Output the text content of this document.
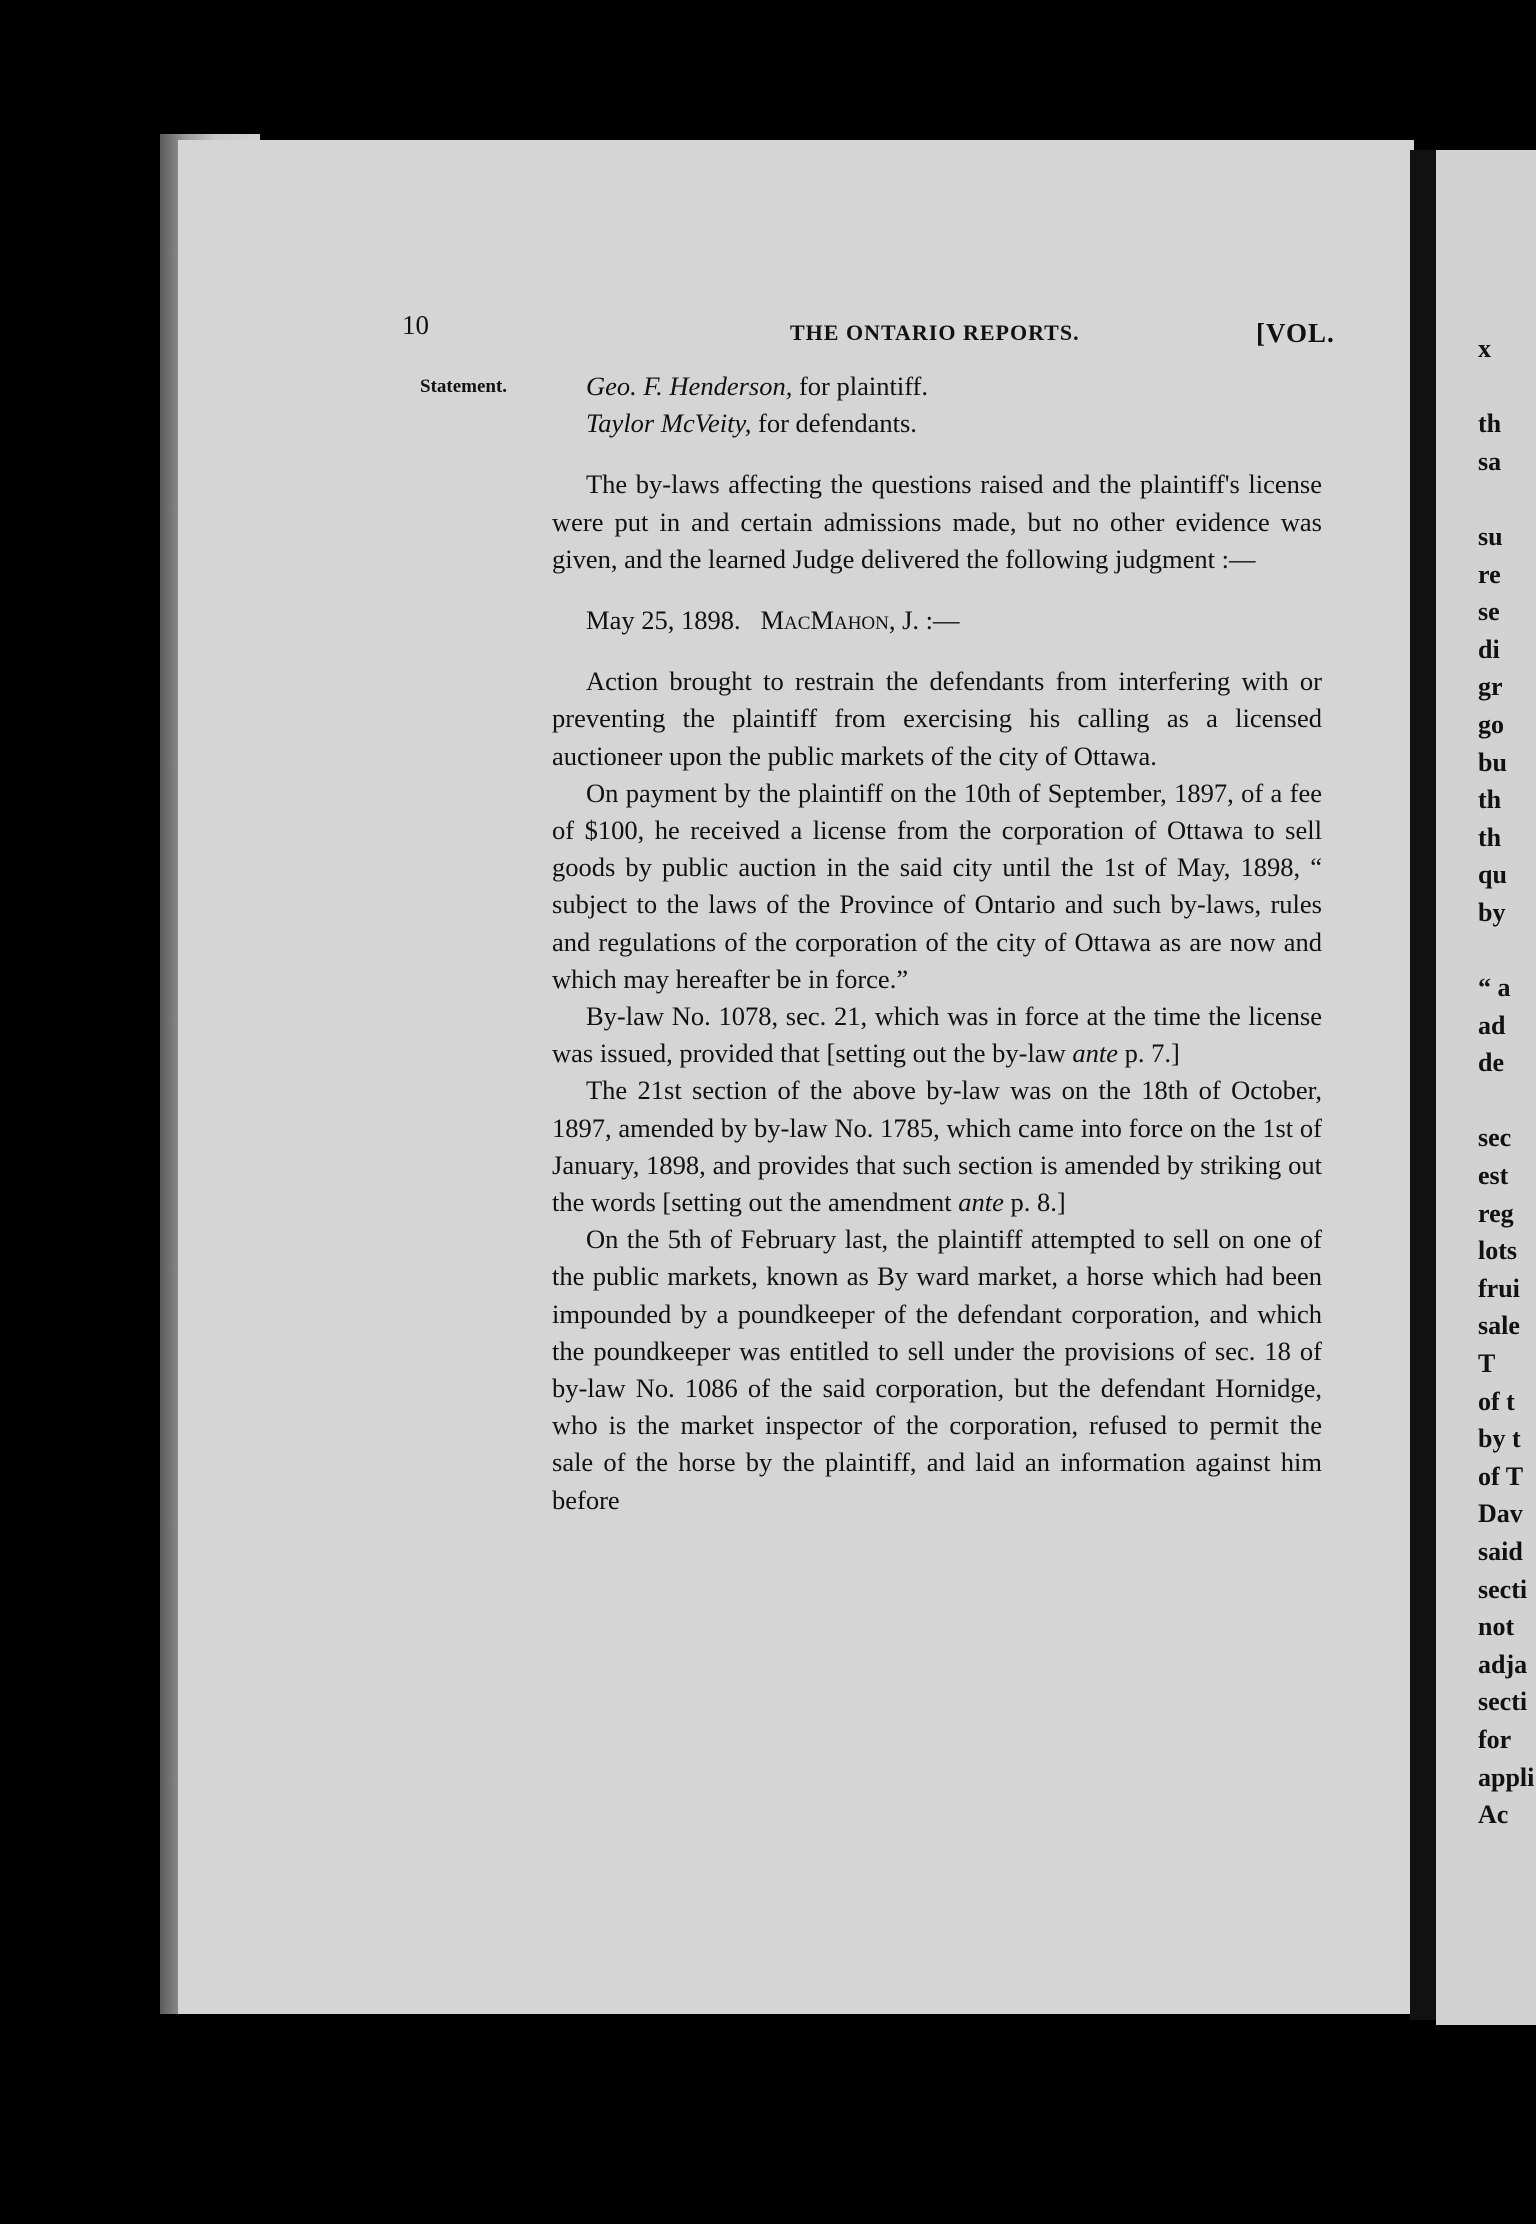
10	THE ONTARIO REPORTS.	[VOL.
Statement.	Geo. F. Henderson, for plaintiff.
Taylor McVeity, for defendants.

The by-laws affecting the questions raised and the plaintiff's license were put in and certain admissions made, but no other evidence was given, and the learned Judge delivered the following judgment :—

May 25, 1898. MacMahon, J. :—

Action brought to restrain the defendants from interfering with or preventing the plaintiff from exercising his calling as a licensed auctioneer upon the public markets of the city of Ottawa.

On payment by the plaintiff on the 10th of September, 1897, of a fee of $100, he received a license from the corporation of Ottawa to sell goods by public auction in the said city until the 1st of May, 1898, “ subject to the laws of the Province of Ontario and such by-laws, rules and regulations of the corporation of the city of Ottawa as are now and which may hereafter be in force.”

By-law No. 1078, sec. 21, which was in force at the time the license was issued, provided that [setting out the by-law ante p. 7.]

The 21st section of the above by-law was on the 18th of October, 1897, amended by by-law No. 1785, which came into force on the 1st of January, 1898, and provides that such section is amended by striking out the words [setting out the amendment ante p. 8.]

On the 5th of February last, the plaintiff attempted to sell on one of the public markets, known as By ward market, a horse which had been impounded by a poundkeeper of the defendant corporation, and which the poundkeeper was entitled to sell under the provisions of sec. 18 of by-law No. 1086 of the said corporation, but the defendant Hornidge, who is the market inspector of the corporation, refused to permit the sale of the horse by the plaintiff, and laid an information against him before

x
th
sa
su
re
se
di
gr
go
bu
th
th
qu
by
“ a
ad
de
sec
est
reg
lots
frui
sale
T
of t
by t
of T
Dav
said
secti
not
adja
secti
for
appli
Ac
